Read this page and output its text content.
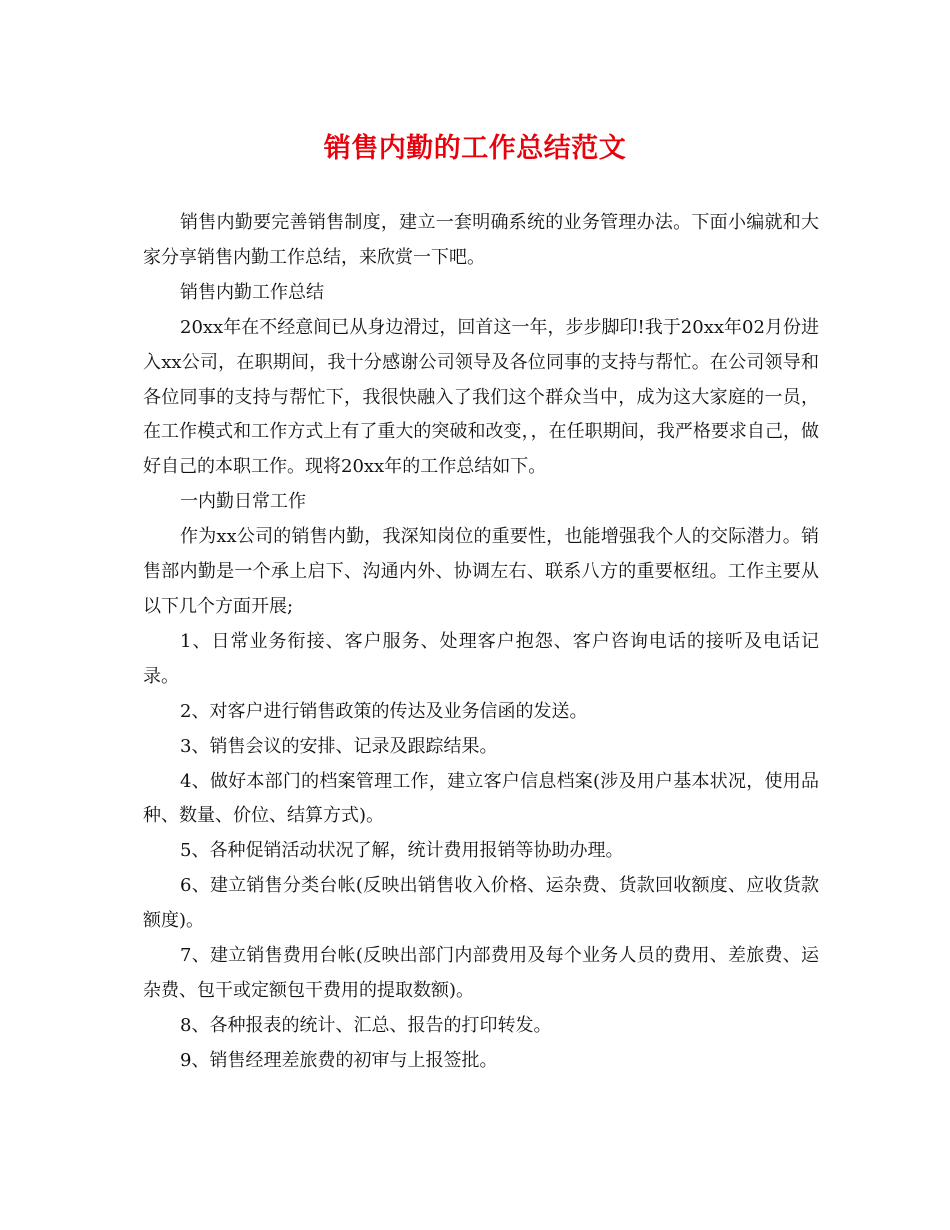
销售内勤的工作总结范文

销售内勤要完善销售制度，建立一套明确系统的业务管理办法。下面小编就和大家分享销售内勤工作总结，来欣赏一下吧。

销售内勤工作总结

20xx年在不经意间已从身边滑过，回首这一年，步步脚印!我于20xx年02月份进入xx公司，在职期间，我十分感谢公司领导及各位同事的支持与帮忙。在公司领导和各位同事的支持与帮忙下，我很快融入了我们这个群众当中，成为这大家庭的一员，在工作模式和工作方式上有了重大的突破和改变，，在任职期间，我严格要求自己，做好自己的本职工作。现将20xx年的工作总结如下。

一内勤日常工作

作为xx公司的销售内勤，我深知岗位的重要性，也能增强我个人的交际潜力。销售部内勤是一个承上启下、沟通内外、协调左右、联系八方的重要枢纽。工作主要从以下几个方面开展;

1、日常业务衔接、客户服务、处理客户抱怨、客户咨询电话的接听及电话记录。

2、对客户进行销售政策的传达及业务信函的发送。

3、销售会议的安排、记录及跟踪结果。

4、做好本部门的档案管理工作，建立客户信息档案(涉及用户基本状况，使用品种、数量、价位、结算方式)。

5、各种促销活动状况了解，统计费用报销等协助办理。

6、建立销售分类台帐(反映出销售收入价格、运杂费、货款回收额度、应收货款额度)。

7、建立销售费用台帐(反映出部门内部费用及每个业务人员的费用、差旅费、运杂费、包干或定额包干费用的提取数额)。

8、各种报表的统计、汇总、报告的打印转发。

9、销售经理差旅费的初审与上报签批。
